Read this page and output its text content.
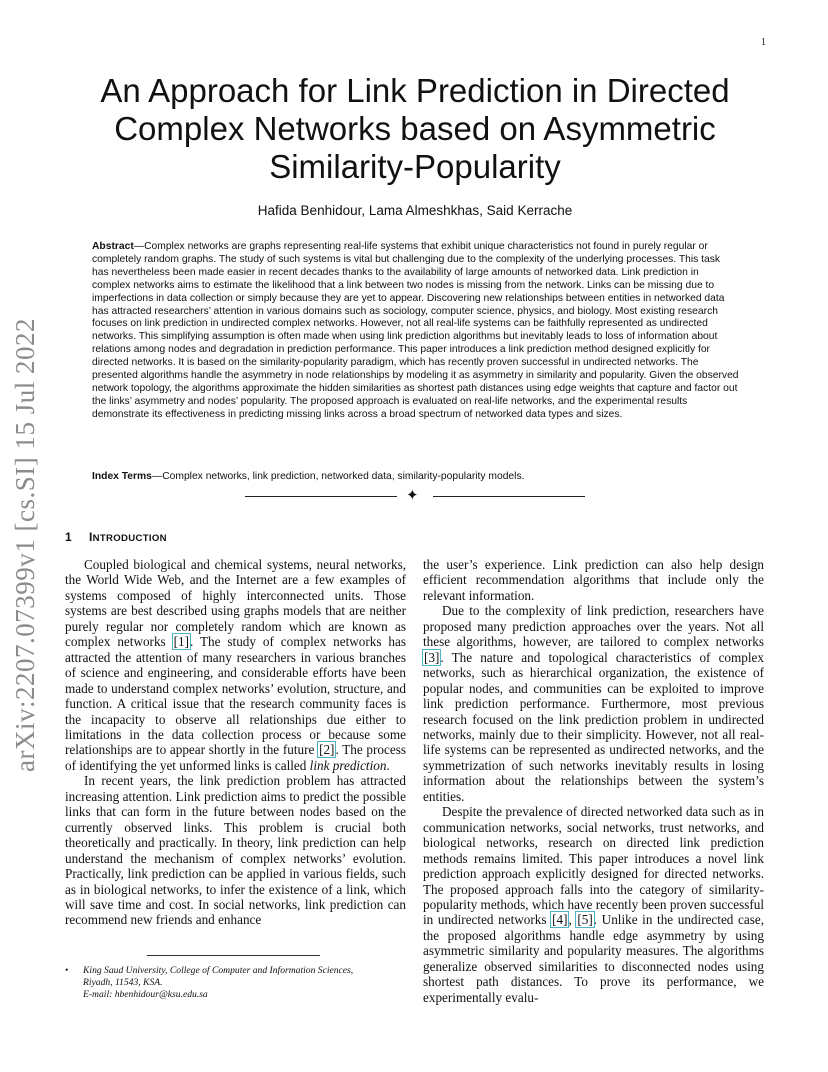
1
arXiv:2207.07399v1 [cs.SI] 15 Jul 2022
An Approach for Link Prediction in Directed
Complex Networks based on Asymmetric
Similarity-Popularity
Hafida Benhidour, Lama Almeshkhas, Said Kerrache

Abstract—Complex networks are graphs representing real-life systems that exhibit unique characteristics not found in purely regular or completely random graphs. The study of such systems is vital but challenging due to the complexity of the underlying processes. This task has nevertheless been made easier in recent decades thanks to the availability of large amounts of networked data. Link prediction in complex networks aims to estimate the likelihood that a link between two nodes is missing from the network. Links can be missing due to imperfections in data collection or simply because they are yet to appear. Discovering new relationships between entities in networked data has attracted researchers’ attention in various domains such as sociology, computer science, physics, and biology. Most existing research focuses on link prediction in undirected complex networks. However, not all real-life systems can be faithfully represented as undirected networks. This simplifying assumption is often made when using link prediction algorithms but inevitably leads to loss of information about relations among nodes and degradation in prediction performance. This paper introduces a link prediction method designed explicitly for directed networks. It is based on the similarity-popularity paradigm, which has recently proven successful in undirected networks. The presented algorithms handle the asymmetry in node relationships by modeling it as asymmetry in similarity and popularity. Given the observed network topology, the algorithms approximate the hidden similarities as shortest path distances using edge weights that capture and factor out the links’ asymmetry and nodes’ popularity. The proposed approach is evaluated on real-life networks, and the experimental results demonstrate its effectiveness in predicting missing links across a broad spectrum of networked data types and sizes.

Index Terms—Complex networks, link prediction, networked data, similarity-popularity models.

✦
1 INTRODUCTION

Coupled biological and chemical systems, neural networks, the World Wide Web, and the Internet are a few examples of systems composed of highly interconnected units. Those systems are best described using graphs models that are neither purely regular nor completely random which are known as complex networks [1]. The study of complex networks has attracted the attention of many researchers in various branches of science and engineering, and considerable efforts have been made to understand complex networks’ evolution, structure, and function. A critical issue that the research community faces is the incapacity to observe all relationships due either to limitations in the data collection process or because some relationships are to appear shortly in the future [2]. The process of identifying the yet unformed links is called link prediction.

In recent years, the link prediction problem has attracted increasing attention. Link prediction aims to predict the possible links that can form in the future between nodes based on the currently observed links. This problem is crucial both theoretically and practically. In theory, link prediction can help understand the mechanism of complex networks’ evolution. Practically, link prediction can be applied in various fields, such as in biological networks, to infer the existence of a link, which will save time and cost. In social networks, link prediction can recommend new friends and enhance

the user’s experience. Link prediction can also help design efficient recommendation algorithms that include only the relevant information.

Due to the complexity of link prediction, researchers have proposed many prediction approaches over the years. Not all these algorithms, however, are tailored to complex networks [3]. The nature and topological characteristics of complex networks, such as hierarchical organization, the existence of popular nodes, and communities can be exploited to improve link prediction performance. Furthermore, most previous research focused on the link prediction problem in undirected networks, mainly due to their simplicity. However, not all real-life systems can be represented as undirected networks, and the symmetrization of such networks inevitably results in losing information about the relationships between the system’s entities.

Despite the prevalence of directed networked data such as in communication networks, social networks, trust networks, and biological networks, research on directed link prediction methods remains limited. This paper introduces a novel link prediction approach explicitly designed for directed networks. The proposed approach falls into the category of similarity-popularity methods, which have recently been proven successful in undirected networks [4], [5]. Unlike in the undirected case, the proposed algorithms handle edge asymmetry by using asymmetric similarity and popularity measures. The algorithms generalize observed similarities to disconnected nodes using shortest path distances. To prove its performance, we experimentally evalu-

• King Saud University, College of Computer and Information Sciences,
Riyadh, 11543, KSA.
E-mail: hbenhidour@ksu.edu.sa
